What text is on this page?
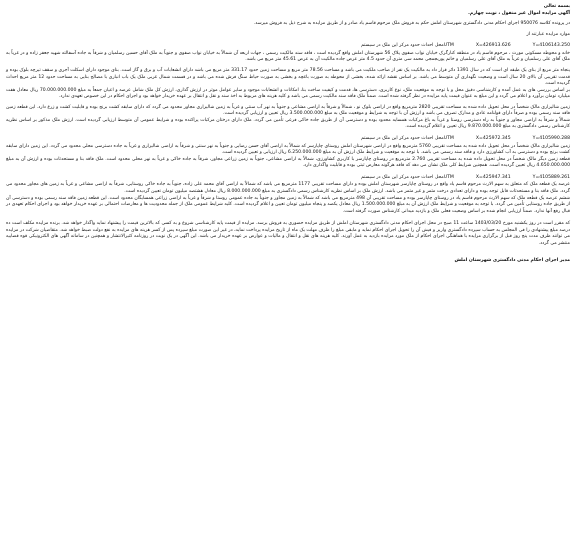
بسمه تعالی

آگهی مزایده اموال غیر منقول ، نوبت چهارم.

در پرونده کلاسه 950076 اجرای احکام مدنی دادگستری شهرستان املش حکم به فروش ملک مرحوم قاسم یاد صادر و از طریق مزایده به شرح ذیل به فروش میرسد.

موارد مزایده عبارتند از

Y=4106143.250
X=426913.626
UTMمحل احداث حدود مرکز این ملک در سیستم

خانه و محوطه مسکونی مورث ، مرحوم قاسم یاد در منطقه کنارگرک خیابان نواب صفوی پلاک 56 شهرستان املش واقع گردیده است ، فاقد سند مالکیت رسمی ، جهات اربعه آن شمالاً به خیابان نواب صفوی و جنوباً به ملک آقای حسین رسلمیان و شرقاً به جاده آسفالته شهید جعفر زاده و در غرباً به ملک آقای علی رسلمیان و غرباً به ملک آقای علی رسلمیان و خانم پوربجمجی محمد سی متری آن حدود 4.5 متر عرض جاده مالکیت آن به عرض 45.61 متر مربع می باشد.

ینجاه متر مربع از بنای یک طبقه ای است که در سال 1391 دائر قرار داد به مالکیت یک نفر از صاحب ملکیت می باشد و مساحت 78.56 متر مربع و مساحت زمین حدود 331.17 متر مربع می باشد دارای انشعابات آب و برق و گاز است. بنای موجود دارای اسکلت آجری و سقف تیرچه بلوک بوده و قدمت تقریبی آن بالای 20 سال است و وضعیت نگهداری آن متوسط می باشد. بر اساس نقشه ارائه شده، بخشی از محوطه به صورت باغچه و بخشی به صورت حیاط سنگ فرش شده می باشد و در قسمت شمال غربی ملک یک باب انباری با مصالح بنایی به مساحت حدود 12 متر مربع احداث گردیده است.

بر اساس بررسی های به عمل آمده و کارشناسی دقیق محل و با توجه به موقعیت ملک، نوع کاربری، دسترسی ها، قدمت و کیفیت ساخت بنا، امکانات و انشعابات موجود و سایر عوامل موثر در ارزش گذاری، ارزش کل ملک شامل عرصه و اعیان جمعاً به مبلغ 70.000.000.000 ریال معادل هفت میلیارد تومان برآورد و اعلام می گردد و این مبلغ به عنوان قیمت پایه مزایده در نظر گرفته شده است. ضمناً ملک فاقد سند مالکیت رسمی می باشد و کلیه هزینه های مربوط به اخذ سند و نقل و انتقال بر عهده خریدار خواهد بود و اجرای احکام در این خصوص تعهدی ندارد.

زمین شالیزاری مالک شخصاً در محل تحویل داده شده به مساحت تقریبی 2820 مترمربع واقع در اراضی بلوک نو ، شمالاً و شرقاً به اراضی مشاعی و جنوباً به نهر آب سنتی و غرباً به زمین شالیزاری مجاور محدود می گردد که دارای سابقه کشت برنج بوده و قابلیت کشت و زرع دارد. این قطعه زمین فاقد سند رسمی بوده و صرفاً دارای قولنامه عادی و مدارک تصرف می باشد و ارزش آن با توجه به شرایط و موقعیت ملک به مبلغ 3.500.000.000 ریال تعیین و ارزیابی گردیده است.

شمالاً و شرقاً به اراضی مجاور و جنوباً به راه دسترسی روستا و غرباً به باغ مرکبات همسایه محدود بوده و دسترسی آن از طریق جاده خاکی فرعی تأمین می گردد. ملک دارای درختان مرکبات پراکنده بوده و شرایط عمومی آن متوسط ارزیابی گردیده است. ارزش ملک مذکور بر اساس نظریه کارشناس رسمی دادگستری به مبلغ 9.870.000.000 ریال تعیین و اعلام گردیده است.

Y=4105990.288
X=425972.345
UTMمحل احداث حدود مرکز این ملک در سیستم

زمین شالیزاری مالک شخصاً در محل تحویل داده شده به مساحت تقریبی 5760 مترمربع واقع در اراضی شهرستان املش روستای چاپارسر که شمالاً به اراضی آقای حسن رضایی و جنوباً به نهر سنتی و شرقاً به اراضی شالیزاری و غرباً به جاده دسترسی محلی محدود می گردد. این زمین دارای سابقه کشت برنج بوده و دسترسی به آب کشاورزی دارد و فاقد سند رسمی می باشد. با توجه به موقعیت و شرایط ملک ارزش آن به مبلغ 6.250.000.000 ریال ارزیابی و تعیین گردیده است.

قطعه زمین دیگر مالک شخصاً در محل تحویل داده شده به مساحت تقریبی 2.760 مترمربع در روستای چاپارسر با کاربری کشاورزی، شمالاً به اراضی مشاعی، جنوباً به زمین زراعی مجاور، شرقاً به جاده خاکی و غرباً به نهر محلی محدود است. ملک فاقد بنا و مستحدثات بوده و ارزش آن به مبلغ 4.650.000.000 ریال تعیین گردیده است. همچنین شرایط کلی ملک نشان می دهد که فاقد هرگونه معارض ثبتی بوده و قابلیت واگذاری دارد.

Y=4105889.261
X=425947.341
UTMمحل احداث حدود مرکز این ملک در سیستم

عرصه یک قطعه ملک که متعلق به سهم الارث مرحوم قاسم یاد واقع در روستای چاپارسر شهرستان املش بوده و دارای مساحت تقریبی 1177 مترمربع می باشد که شمالاً به اراضی آقای محمد علی زاده، جنوباً به جاده خاکی روستایی، شرقاً به اراضی مشاعی و غرباً به زمین های مجاور محدود می گردد. ملک فاقد بنا و مستحدثات قابل توجه بوده و دارای تعدادی درخت مثمر و غیر مثمر می باشد. ارزش ملک بر اساس نظریه کارشناس رسمی دادگستری به مبلغ 8.000.000.000 ریال معادل هشتصد میلیون تومان تعیین گردیده است.

ششم عرصه یک قطعه ملک که سهم الارث مرحوم قاسم یاد در روستای چاپارسر بوده و مساحت تقریبی آن 498 مترمربع می باشد که شمالاً به زمین مجاور و جنوباً به جاده عمومی روستا و شرقاً و غرباً به اراضی زراعی همسایگان محدود است. این قطعه زمین فاقد سند رسمی بوده و دسترسی آن از طریق جاده روستایی تأمین می گردد. با توجه به موقعیت و شرایط ملک ارزش آن به مبلغ 1.500.000.000 ریال معادل یکصد و پنجاه میلیون تومان تعیین و اعلام گردیده است. کلیه شرایط عمومی ملک از جمله محدودیت ها و معارضات احتمالی بر عهده خریدار خواهد بود و اجرای احکام تعهدی در قبال رفع آنها ندارد. ضمناً ارزیابی انجام شده بر اساس وضعیت فعلی ملک و بازدید میدانی کارشناس صورت گرفته است.

که مقرر است در روز یکشنبه مورخ 1403/03/20 ساعت 11 صبح در محل اجرای احکام مدنی دادگستری شهرستان املش از طریق مزایده حضوری به فروش برسد. مزایده از قیمت پایه کارشناسی شروع و به کسی که بالاترین قیمت را پیشنهاد نماید واگذار خواهد شد. برنده مزایده مکلف است ده درصد مبلغ پیشنهادی را فی المجلس به حساب سپرده دادگستری واریز و فیش آن را تحویل اجرای احکام نماید و مابقی مبلغ را ظرف مهلت یک ماه از تاریخ مزایده پرداخت نماید، در غیر این صورت مبلغ سپرده پس از کسر هزینه های مزایده به نفع دولت ضبط خواهد شد. متقاضیان شرکت در مزایده می توانند ظرف مدت پنج روز قبل از برگزاری مزایده با هماهنگی اجرای احکام از ملک مورد مزایده بازدید به عمل آورند. کلیه هزینه های نقل و انتقال و مالیات و عوارض بر عهده خریدار می باشد. این آگهی در یک نوبت در روزنامه کثیرالانتشار و همچنین در سامانه آگهی های الکترونیکی قوه قضاییه منتشر می گردد.

مدیر اجرای احکام مدنی دادگستری شهرستان املش
